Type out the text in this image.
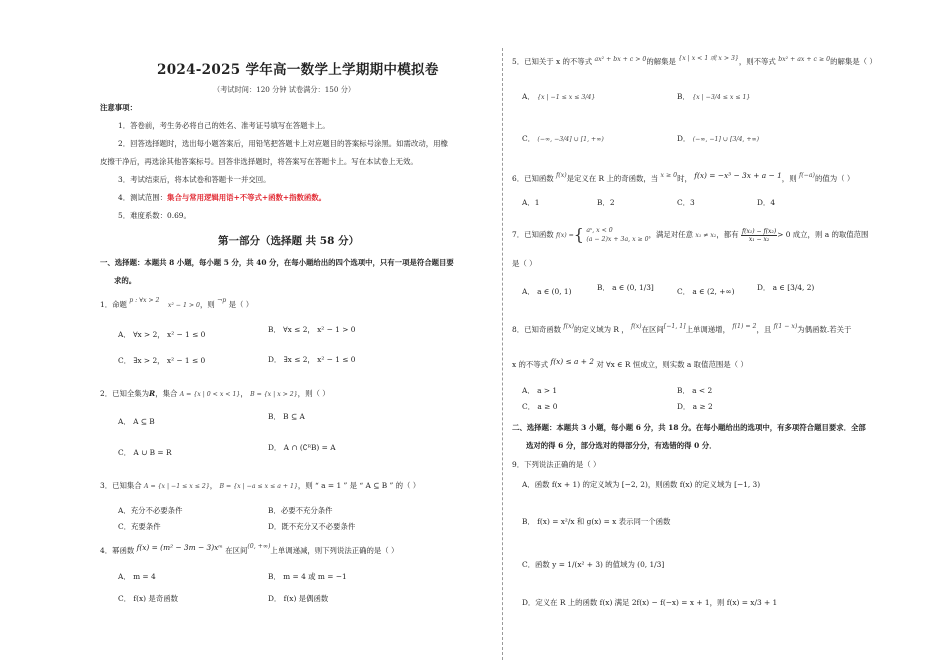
2024-2025 学年高一数学上学期期中模拟卷
（考试时间：120 分钟 试卷满分：150 分）
注意事项：
1．答卷前，考生务必将自己的姓名、准考证号填写在答题卡上。
2．回答选择题时，选出每小题答案后，用铅笔把答题卡上对应题目的答案标号涂黑。如需改动，用橡
皮擦干净后，再选涂其他答案标号。回答非选择题时，将答案写在答题卡上。写在本试卷上无效。
3．考试结束后，将本试卷和答题卡一并交回。
4．测试范围：集合与常用逻辑用语+不等式+函数+指数函数。
5．难度系数：0.69。
第一部分（选择题 共 58 分）
一、选择题：本题共 8 小题，每小题 5 分，共 40 分，在每小题给出的四个选项中，只有一项是符合题目要
求的。
1．命题 $^{p : \forall x > 2}$ x² − 1 > 0，则 $^{\neg p}$ 是（ ）
A． ∀x > 2， x² − 1 ≤ 0
B． ∀x ≤ 2， x² − 1 > 0
C． ∃x > 2， x² − 1 ≤ 0	D． ∃x ≤ 2， x² − 1 ≤ 0
2．已知全集为R，集合 A = {x | 0 < x < 1}， B = {x | x > 2}，则（ ）
A． A ⊆ B
B． B ⊆ A
C． A ∪ B = R
D． A ∩ (∁ᴿB) = A
3．已知集合 A = {x | −1 ≤ x ≤ 2}， B = {x | −a ≤ x ≤ a + 1}，则 “ a = 1 ” 是 “ A ⊆ B ” 的（ ）
A．充分不必要条件	B．必要不充分条件
C．充要条件	D．既不充分又不必要条件
4．幂函数 f(x) = (m² − 3m − 3)xᵐ 在区间$^{(0, +\infty)}$上单调递减，则下列说法正确的是（ ）
A． m = 4	B． m = 4 或 m = −1
C． f(x) 是奇函数	D． f(x) 是偶函数
5．已知关于 x 的不等式 $^{ax^2 + bx + c > 0}$的解集是 $^{\{x | x < 1 或 x > 3\}}$，则不等式 $^{bx^2 + ax + c \ge 0}$的解集是（ ）
A． {x | −1 ≤ x ≤ 3/4}	B． {x | −3/4 ≤ x ≤ 1}
C． (−∞, −3/4] ∪ [1, +∞)	D． (−∞, −1] ∪ [3/4, +∞)
6．已知函数 $^{f(x)}$是定义在 R 上的奇函数，当 $^{x \ge 0}$时， f(x) = −x³ − 3x + a − 1，则 $^{f(-a)}$的值为（ ）
A．1	B．2	C．3	D．4
7．已知函数 f(x) ={ aˣ, x < 0
(a − 2)x + 3a, x ≥ 0
，满足对任意 x₁ ≠ x₂，都有 $\frac{\text{f(x₁) − f(x₂)}}{\text{x₁ − x₂}} > 0$ 成立，则 a 的取值范围
是（ ）
A． a ∈ (0, 1)	B． a ∈ (0, 1/3]	C． a ∈ (2, +∞)	D． a ∈ [3/4, 2)
8．已知奇函数 $^{f(x)}$的定义域为 R ， $^{f(x)}$在区间[−1, 1]上单调递增， $^{f(1) = 2}$，且 $^{f(1 - x)}$为偶函数.若关于
x 的不等式 f(x) ≤ a + 2 对 ∀x ∈ R 恒成立，则实数 a 取值范围是（ ）
A． a > 1	B． a < 2
C． a ≥ 0	D． a ≥ 2
二、选择题：本题共 3 小题，每小题 6 分，共 18 分。在每小题给出的选项中，有多项符合题目要求．全部
选对的得 6 分，部分选对的得部分分，有选错的得 0 分．
9．下列说法正确的是（ ）
A．函数 f(x + 1) 的定义域为 [−2, 2)，则函数 f(x) 的定义域为 [−1, 3)
B． f(x) = x²/x 和 g(x) = x 表示同一个函数
C．函数 y = 1/(x² + 3) 的值域为 (0, 1/3]
D．定义在 R 上的函数 f(x) 满足 2f(x) − f(−x) = x + 1，则 f(x) = x/3 + 1
